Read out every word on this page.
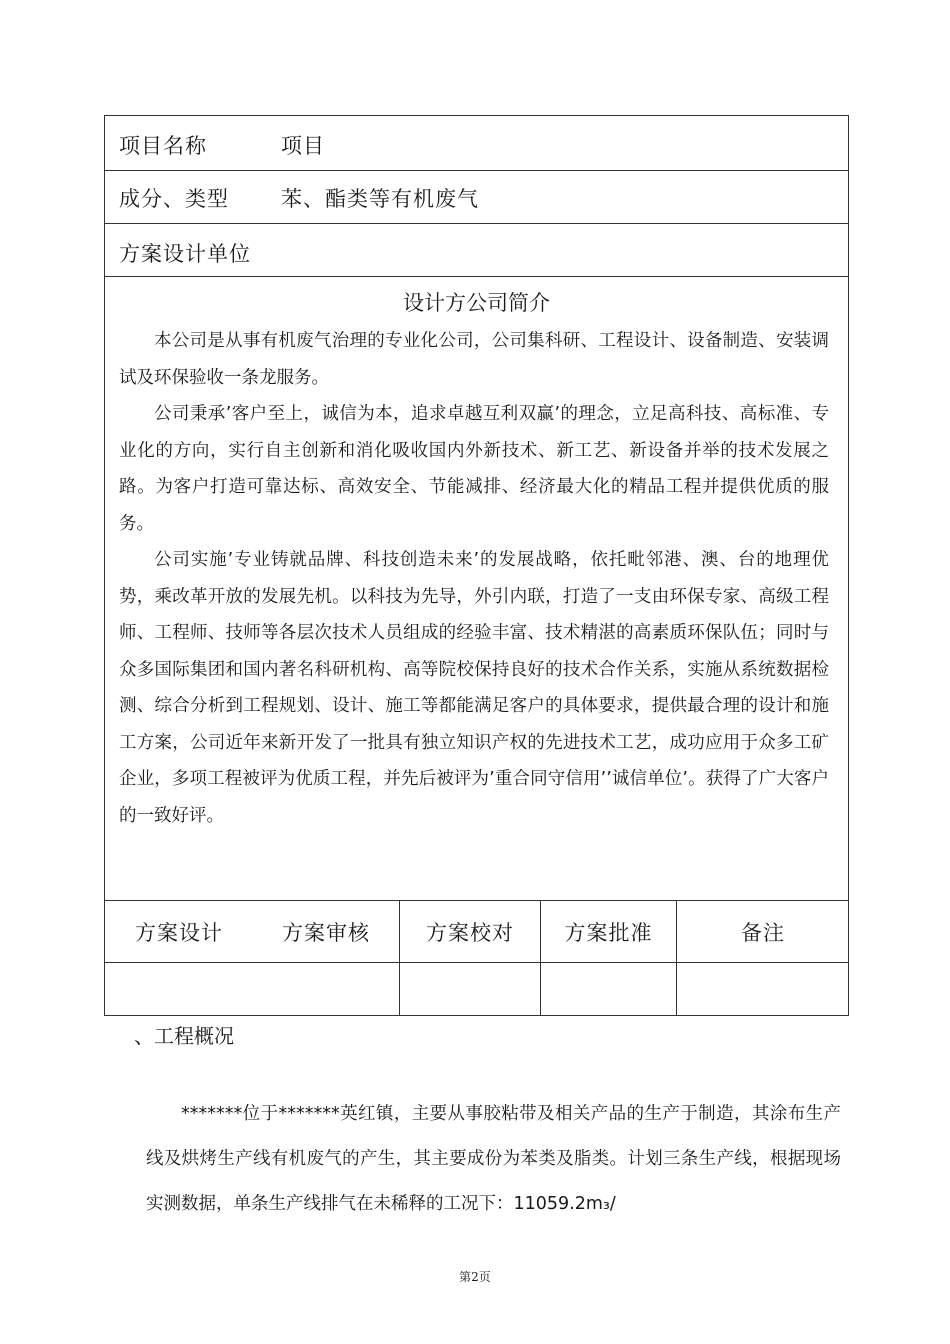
项目名称	项目
成分、类型 苯、酯类等有机废气
方案设计单位
设计方公司简介

本公司是从事有机废气治理的专业化公司，公司集科研、工程设计、设备制造、安装调试及环保验收一条龙服务。

公司秉承’客户至上，诚信为本，追求卓越互利双赢’的理念，立足高科技、高标准、专业化的方向，实行自主创新和消化吸收国内外新技术、新工艺、新设备并举的技术发展之路。为客户打造可靠达标、高效安全、节能减排、经济最大化的精品工程并提供优质的服务。

公司实施’专业铸就品牌、科技创造未来’的发展战略，依托毗邻港、澳、台的地理优势，乘改革开放的发展先机。以科技为先导，外引内联，打造了一支由环保专家、高级工程师、工程师、技师等各层次技术人员组成的经验丰富、技术精湛的高素质环保队伍；同时与众多国际集团和国内著名科研机构、高等院校保持良好的技术合作关系，实施从系统数据检测、综合分析到工程规划、设计、施工等都能满足客户的具体要求，提供最合理的设计和施工方案，公司近年来新开发了一批具有独立知识产权的先进技术工艺，成功应用于众多工矿企业，多项工程被评为优质工程，并先后被评为’重合同守信用’’诚信单位’。获得了广大客户的一致好评。

方案设计	方案审核	方案校对	方案批准	备注
、工程概况

*******位于*******英红镇，主要从事胶粘带及相关产品的生产于制造，其涂布生产线及烘烤生产线有机废气的产生，其主要成份为苯类及脂类。计划三条生产线，根据现场实测数据，单条生产线排气在未稀释的工况下：11059.2m₃/

第2页
